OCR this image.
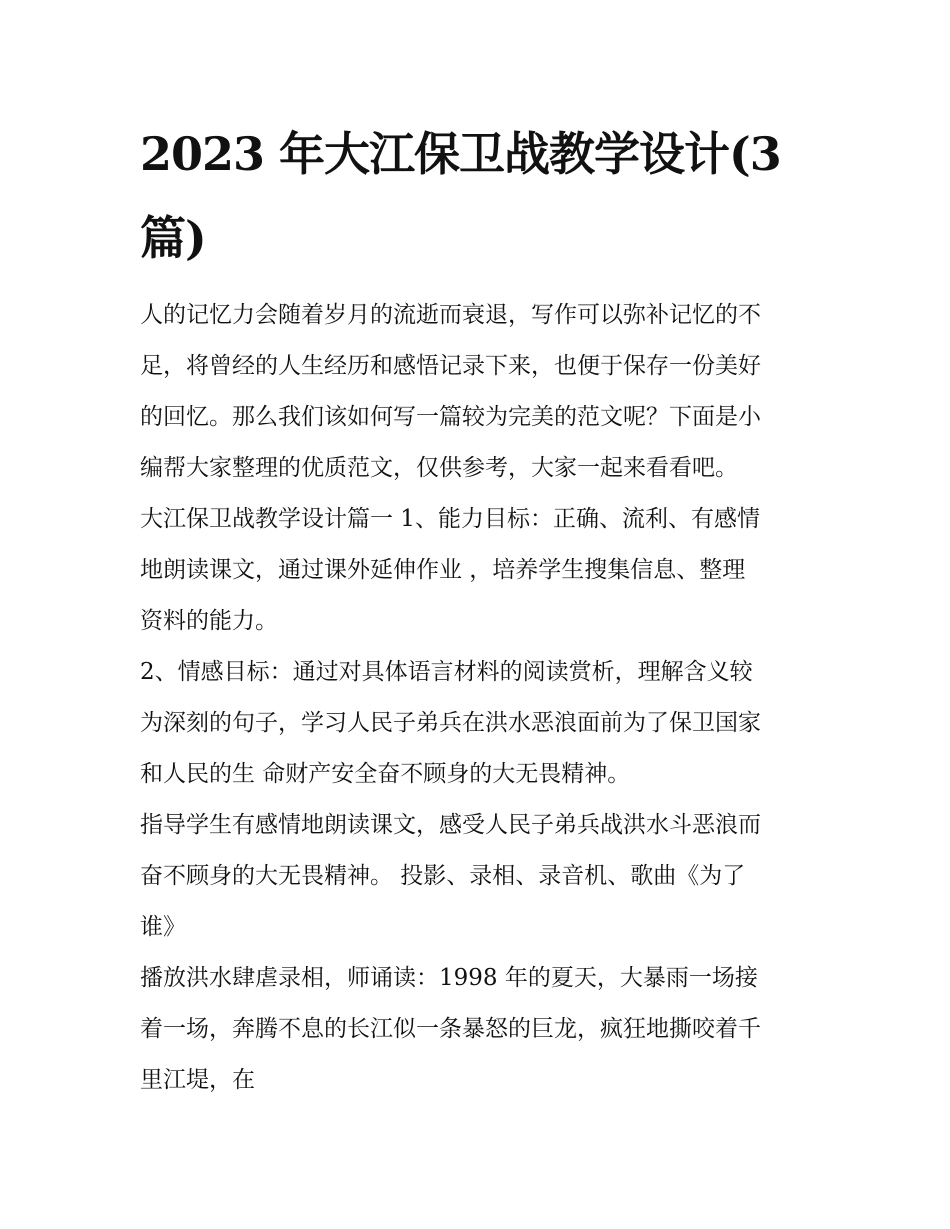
2023 年大江保卫战教学设计(3
篇)
人的记忆力会随着岁月的流逝而衰退，写作可以弥补记忆的不
足，将曾经的人生经历和感悟记录下来，也便于保存一份美好
的回忆。那么我们该如何写一篇较为完美的范文呢？下面是小
编帮大家整理的优质范文，仅供参考，大家一起来看看吧。
大江保卫战教学设计篇一 1、能力目标：正确、流利、有感情
地朗读课文，通过课外延伸作业 ，培养学生搜集信息、整理
资料的能力。
2、情感目标：通过对具体语言材料的阅读赏析，理解含义较
为深刻的句子，学习人民子弟兵在洪水恶浪面前为了保卫国家
和人民的生 命财产安全奋不顾身的大无畏精神。
指导学生有感情地朗读课文，感受人民子弟兵战洪水斗恶浪而
奋不顾身的大无畏精神。 投影、录相、录音机、歌曲《为了
谁》
播放洪水肆虐录相，师诵读：1998 年的夏天，大暴雨一场接
着一场，奔腾不息的长江似一条暴怒的巨龙，疯狂地撕咬着千
里江堤，在
